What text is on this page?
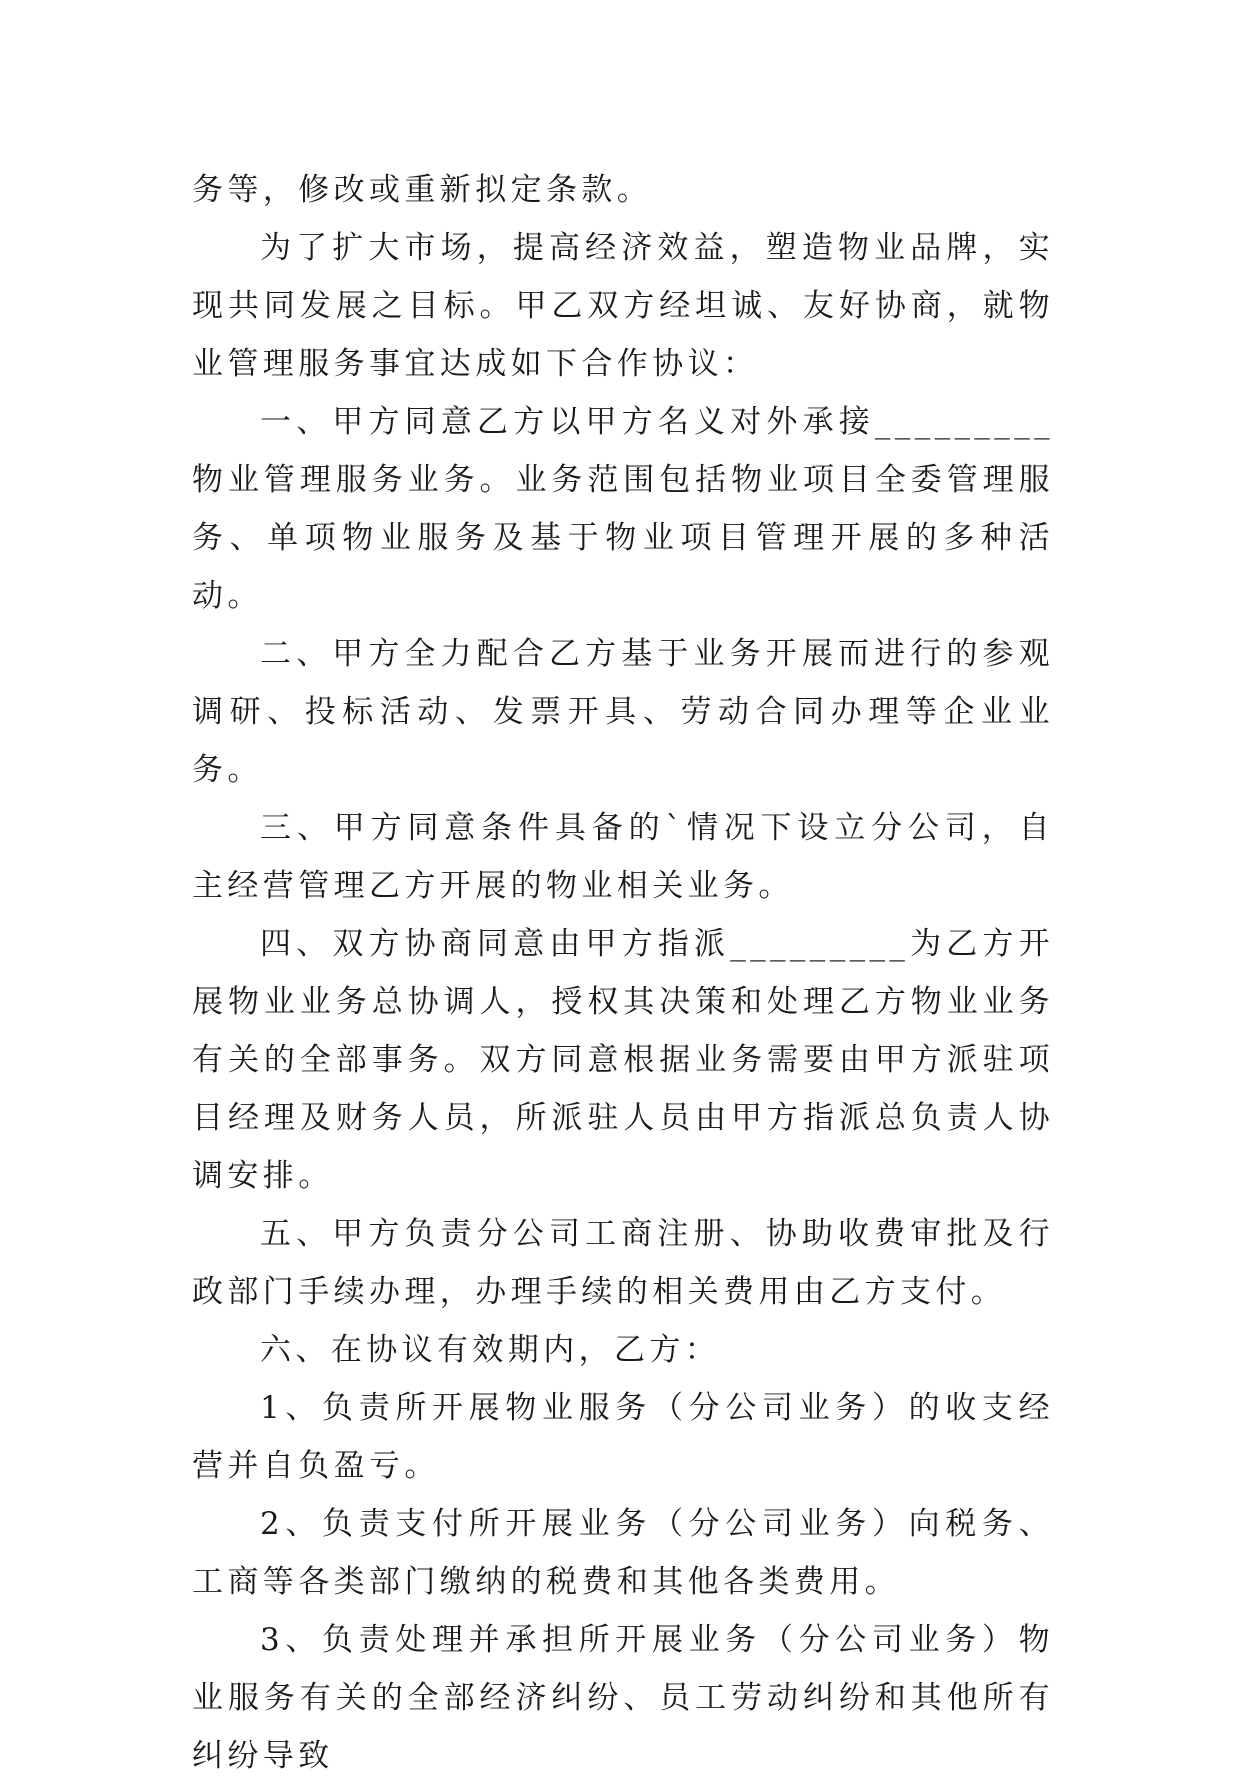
务等，修改或重新拟定条款。

为了扩大市场，提高经济效益，塑造物业品牌，实现共同发展之目标。甲乙双方经坦诚、友好协商，就物业管理服务事宜达成如下合作协议：

一、甲方同意乙方以甲方名义对外承接_________物业管理服务业务。业务范围包括物业项目全委管理服务、单项物业服务及基于物业项目管理开展的多种活动。

二、甲方全力配合乙方基于业务开展而进行的参观调研、投标活动、发票开具、劳动合同办理等企业业务。

三、甲方同意条件具备的`情况下设立分公司，自主经营管理乙方开展的物业相关业务。

四、双方协商同意由甲方指派_________为乙方开展物业业务总协调人，授权其决策和处理乙方物业业务有关的全部事务。双方同意根据业务需要由甲方派驻项目经理及财务人员，所派驻人员由甲方指派总负责人协调安排。

五、甲方负责分公司工商注册、协助收费审批及行政部门手续办理，办理手续的相关费用由乙方支付。

六、在协议有效期内，乙方：

1、负责所开展物业服务（分公司业务）的收支经营并自负盈亏。

2、负责支付所开展业务（分公司业务）向税务、工商等各类部门缴纳的税费和其他各类费用。

3、负责处理并承担所开展业务（分公司业务）物业服务有关的全部经济纠纷、员工劳动纠纷和其他所有纠纷导致
